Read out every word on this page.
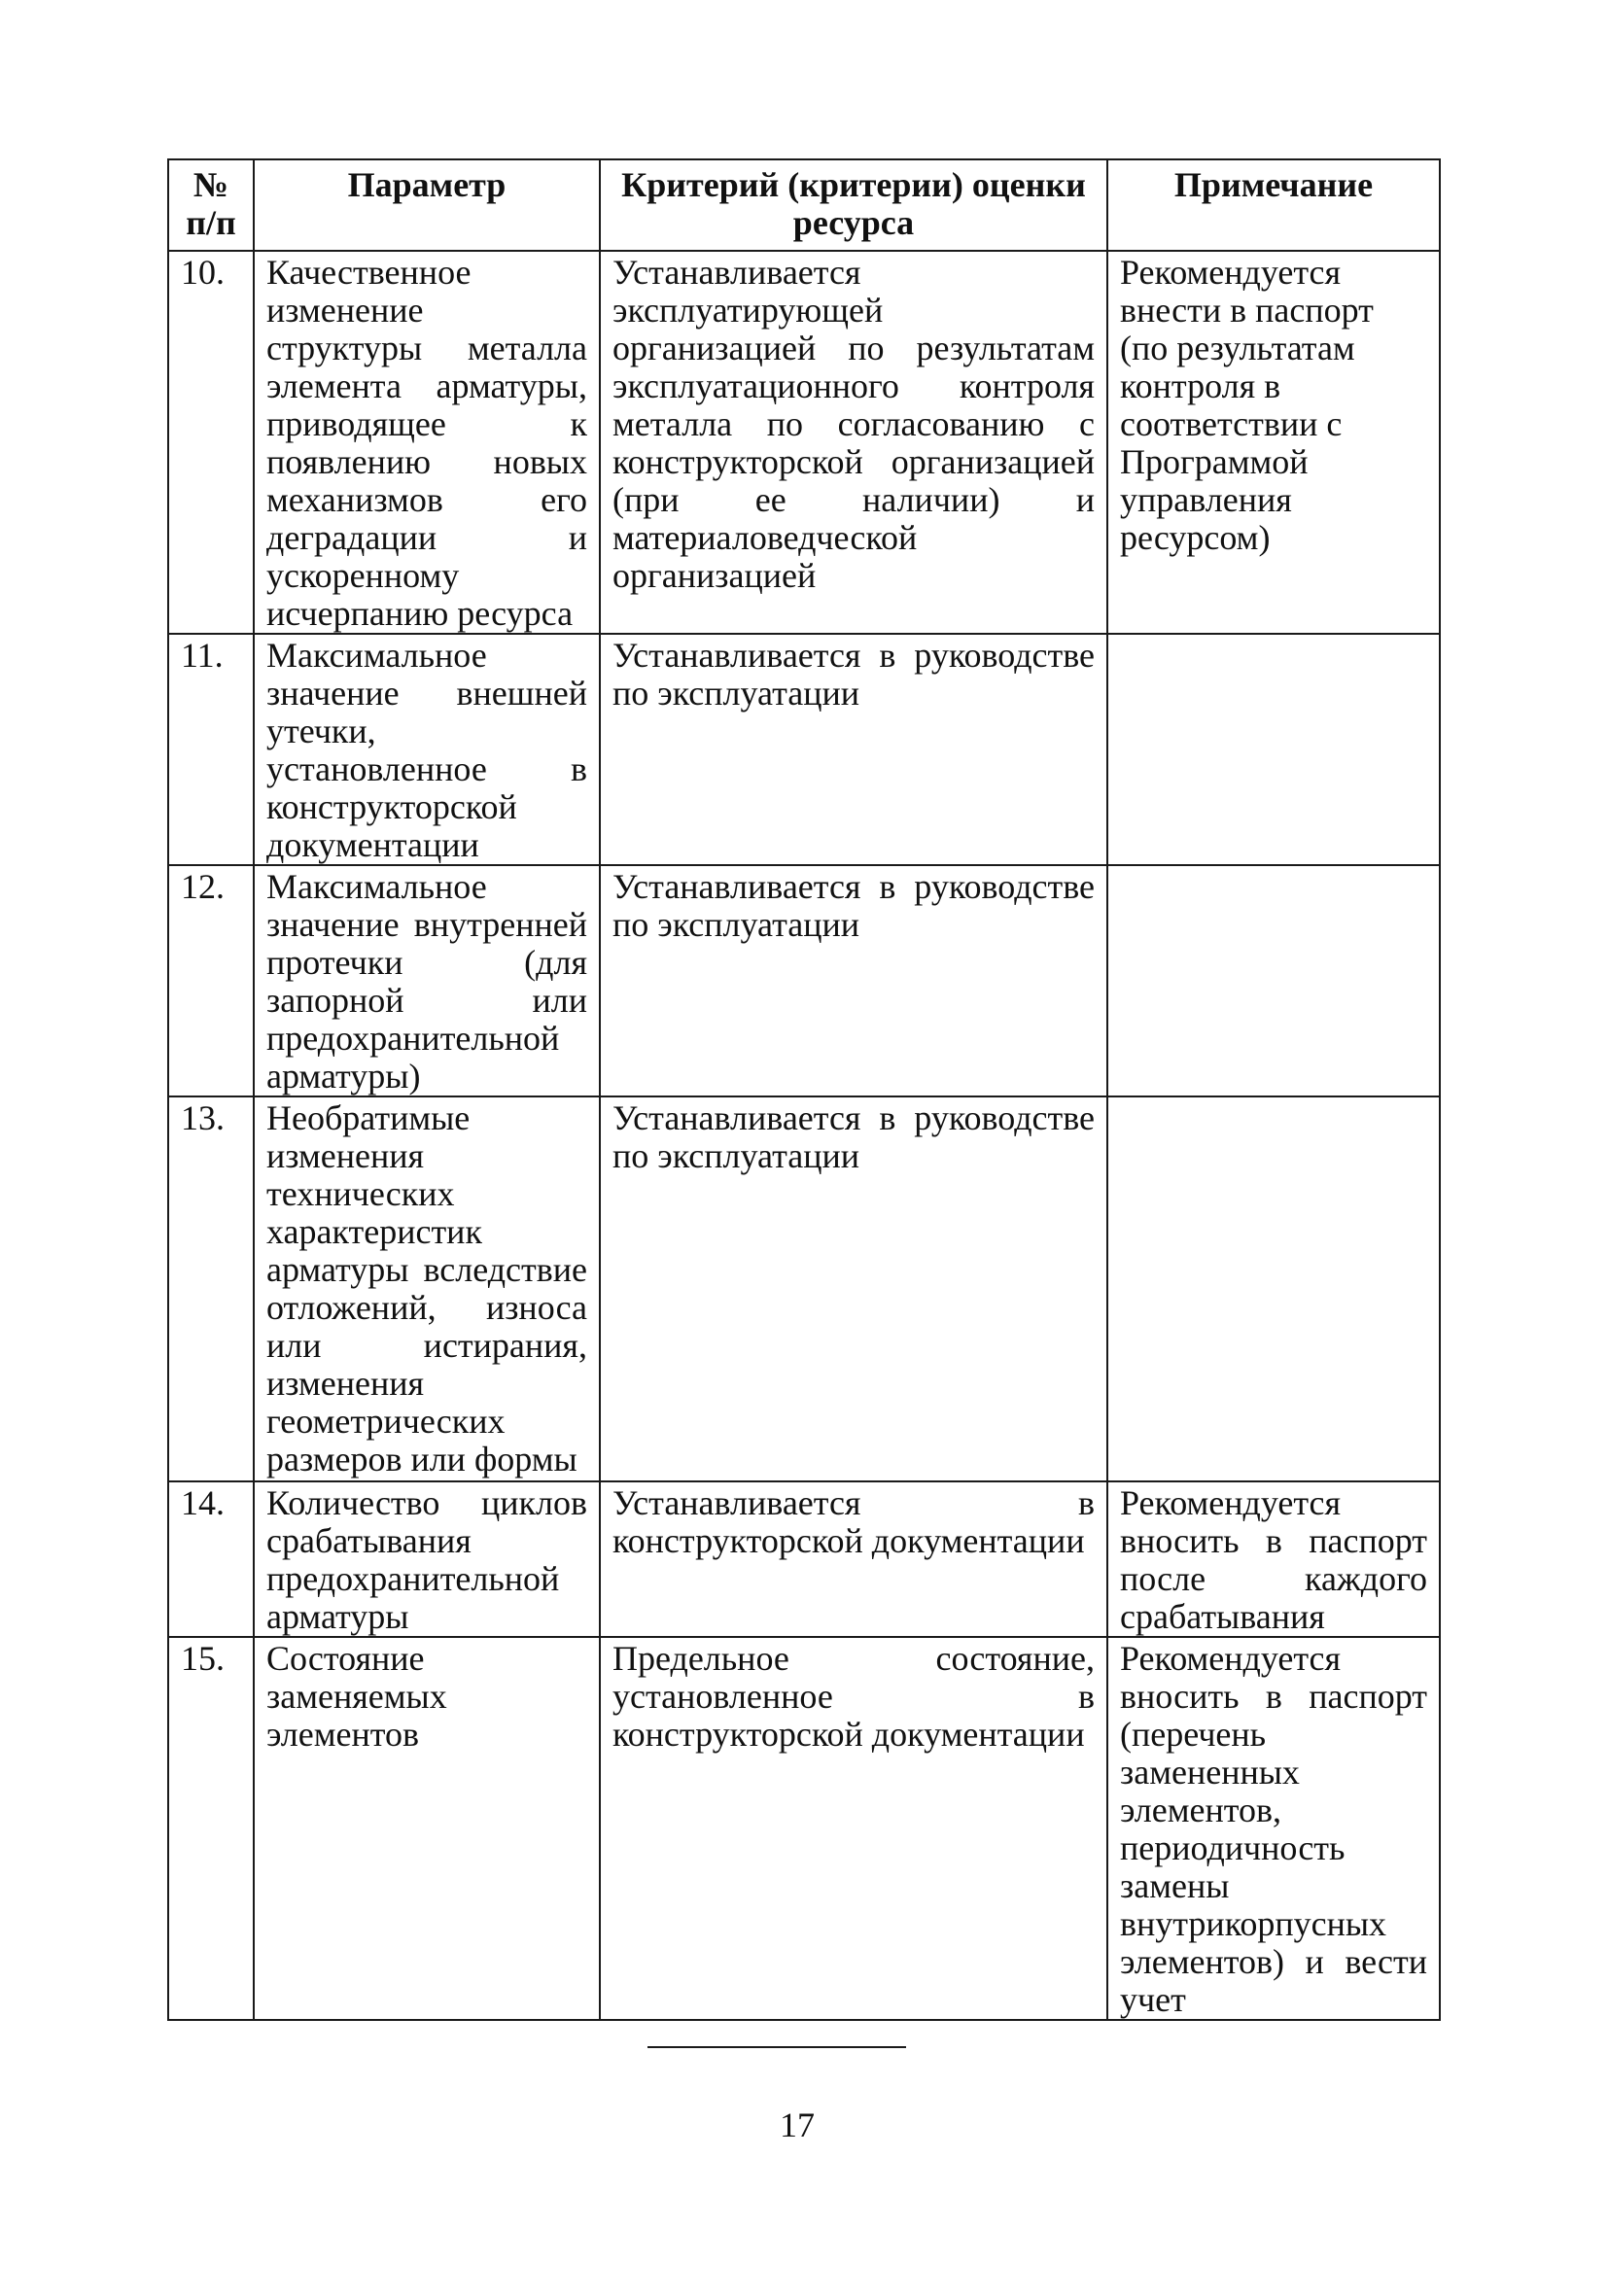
№ п/п	Параметр	Критерий (критерии) оценки ресурса	Примечание
10.	Качественное изменение структуры металла элемента арматуры, приводящее к появлению новых механизмов его деградации и ускоренному исчерпанию ресурса	Устанавливается эксплуатирующей организацией по результатам эксплуатационного контроля металла по согласованию с конструкторской организацией (при ее наличии) и материаловедческой организацией	Рекомендуется внести в паспорт (по результатам контроля в соответствии с Программой управления ресурсом)
11.	Максимальное значение внешней утечки, установленное в конструкторской документации	Устанавливается в руководстве по эксплуатации	
12.	Максимальное значение внутренней протечки (для запорной или предохранительной арматуры)	Устанавливается в руководстве по эксплуатации	
13.	Необратимые изменения технических характеристик арматуры вследствие отложений, износа или истирания, изменения геометрических размеров или формы	Устанавливается в руководстве по эксплуатации	
14.	Количество циклов срабатывания предохранительной арматуры	Устанавливается в конструкторской документации	Рекомендуется вносить в паспорт после каждого срабатывания
15.	Состояние заменяемых элементов	Предельное состояние, установленное в конструкторской документации	Рекомендуется вносить в паспорт (перечень замененных элементов, периодичность замены внутрикорпусных элементов) и вести учет
17
